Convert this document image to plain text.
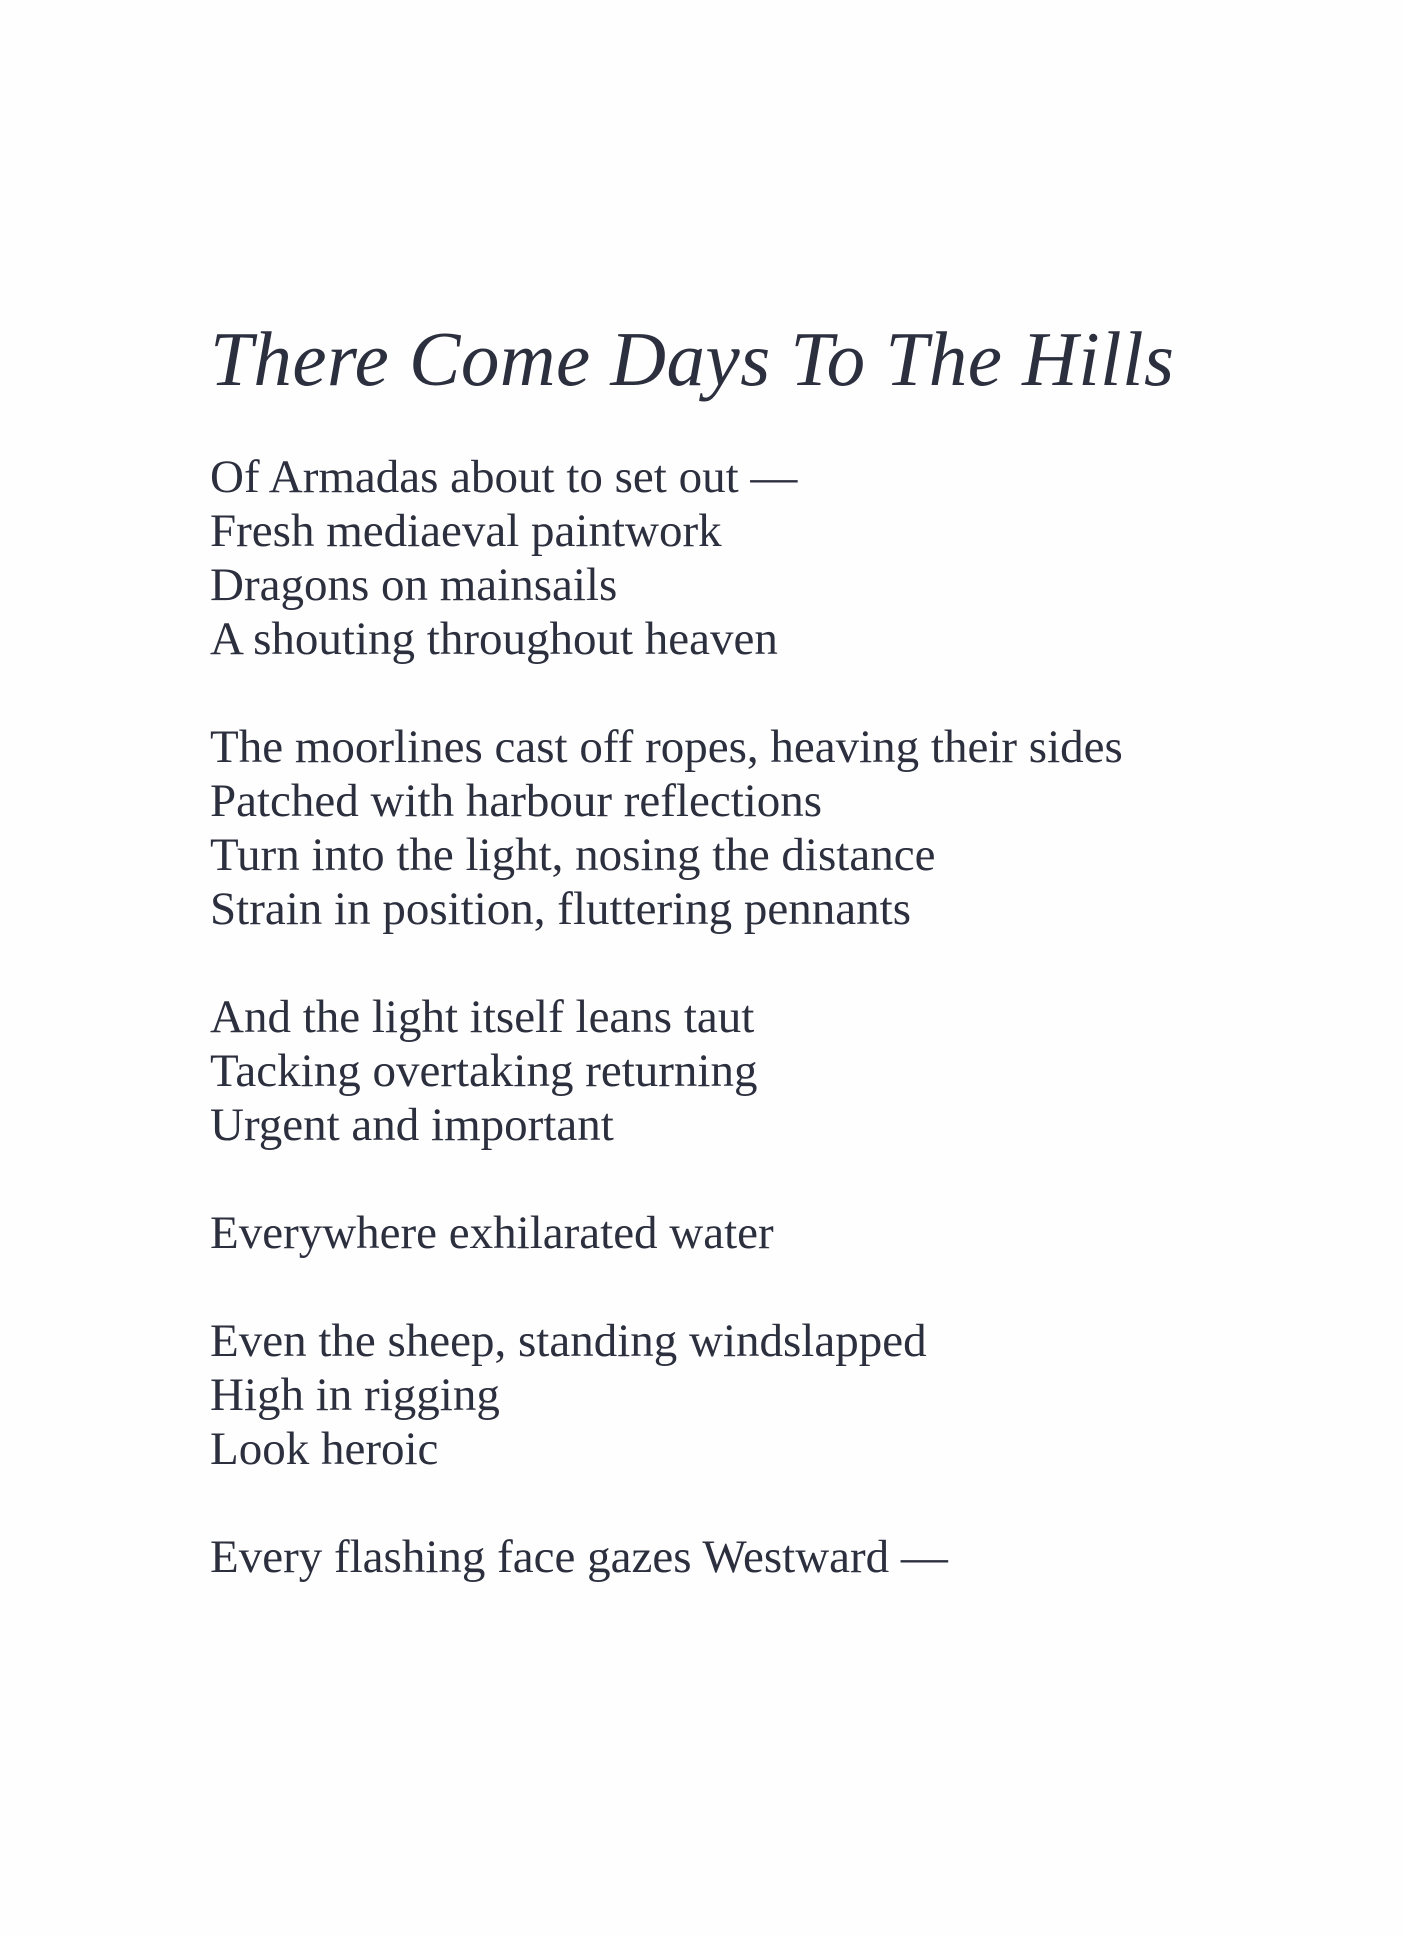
There Come Days To The Hills
Of Armadas about to set out —
Fresh mediaeval paintwork
Dragons on mainsails
A shouting throughout heaven
The moorlines cast off ropes, heaving their sides
Patched with harbour reflections
Turn into the light, nosing the distance
Strain in position, fluttering pennants
And the light itself leans taut
Tacking overtaking returning
Urgent and important
Everywhere exhilarated water
Even the sheep, standing windslapped
High in rigging
Look heroic
Every flashing face gazes Westward —
